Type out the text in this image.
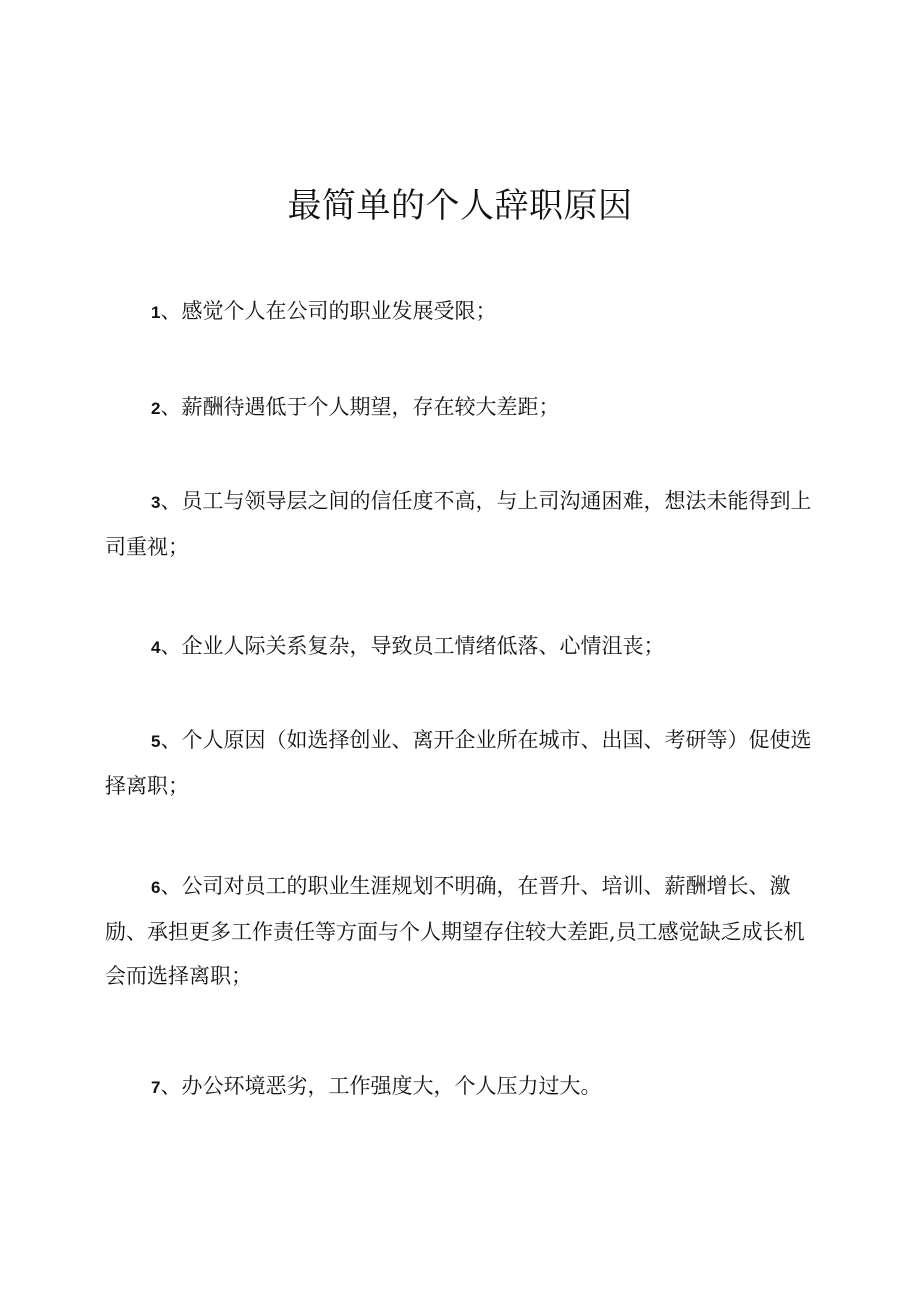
最简单的个人辞职原因

1、感觉个人在公司的职业发展受限；

2、薪酬待遇低于个人期望，存在较大差距；

3、员工与领导层之间的信任度不高，与上司沟通困难，想法未能得到上司重视；

4、企业人际关系复杂，导致员工情绪低落、心情沮丧；

5、个人原因（如选择创业、离开企业所在城市、出国、考研等）促使选择离职；

6、公司对员工的职业生涯规划不明确，在晋升、培训、薪酬增长、激励、承担更多工作责任等方面与个人期望存住较大差距,员工感觉缺乏成长机会而选择离职；

7、办公环境恶劣，工作强度大，个人压力过大。
